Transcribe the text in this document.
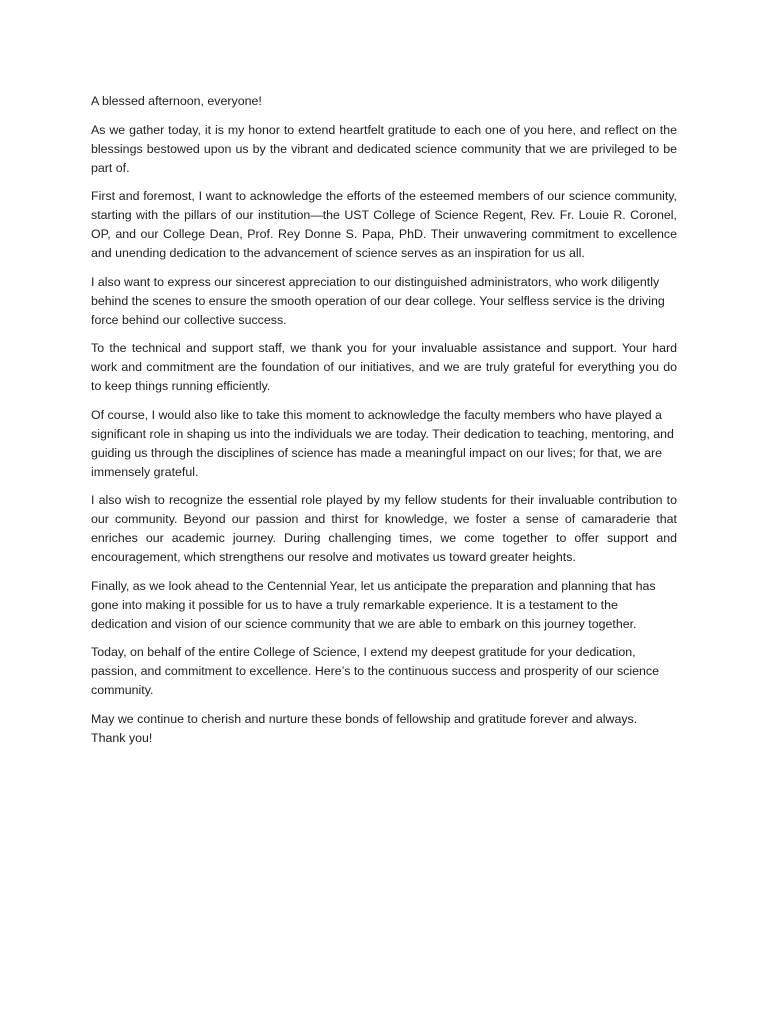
A blessed afternoon, everyone!

As we gather today, it is my honor to extend heartfelt gratitude to each one of you here, and reflect on the blessings bestowed upon us by the vibrant and dedicated science community that we are privileged to be part of.

First and foremost, I want to acknowledge the efforts of the esteemed members of our science community, starting with the pillars of our institution—the UST College of Science Regent, Rev. Fr. Louie R. Coronel, OP, and our College Dean, Prof. Rey Donne S. Papa, PhD. Their unwavering commitment to excellence and unending dedication to the advancement of science serves as an inspiration for us all.

I also want to express our sincerest appreciation to our distinguished administrators, who work diligently behind the scenes to ensure the smooth operation of our dear college. Your selfless service is the driving force behind our collective success.

To the technical and support staff, we thank you for your invaluable assistance and support. Your hard work and commitment are the foundation of our initiatives, and we are truly grateful for everything you do to keep things running efficiently.

Of course, I would also like to take this moment to acknowledge the faculty members who have played a significant role in shaping us into the individuals we are today. Their dedication to teaching, mentoring, and guiding us through the disciplines of science has made a meaningful impact on our lives; for that, we are immensely grateful.

I also wish to recognize the essential role played by my fellow students for their invaluable contribution to our community. Beyond our passion and thirst for knowledge, we foster a sense of camaraderie that enriches our academic journey. During challenging times, we come together to offer support and encouragement, which strengthens our resolve and motivates us toward greater heights.

Finally, as we look ahead to the Centennial Year, let us anticipate the preparation and planning that has gone into making it possible for us to have a truly remarkable experience. It is a testament to the dedication and vision of our science community that we are able to embark on this journey together.

Today, on behalf of the entire College of Science, I extend my deepest gratitude for your dedication, passion, and commitment to excellence. Here’s to the continuous success and prosperity of our science community.

May we continue to cherish and nurture these bonds of fellowship and gratitude forever and always.
Thank you!
